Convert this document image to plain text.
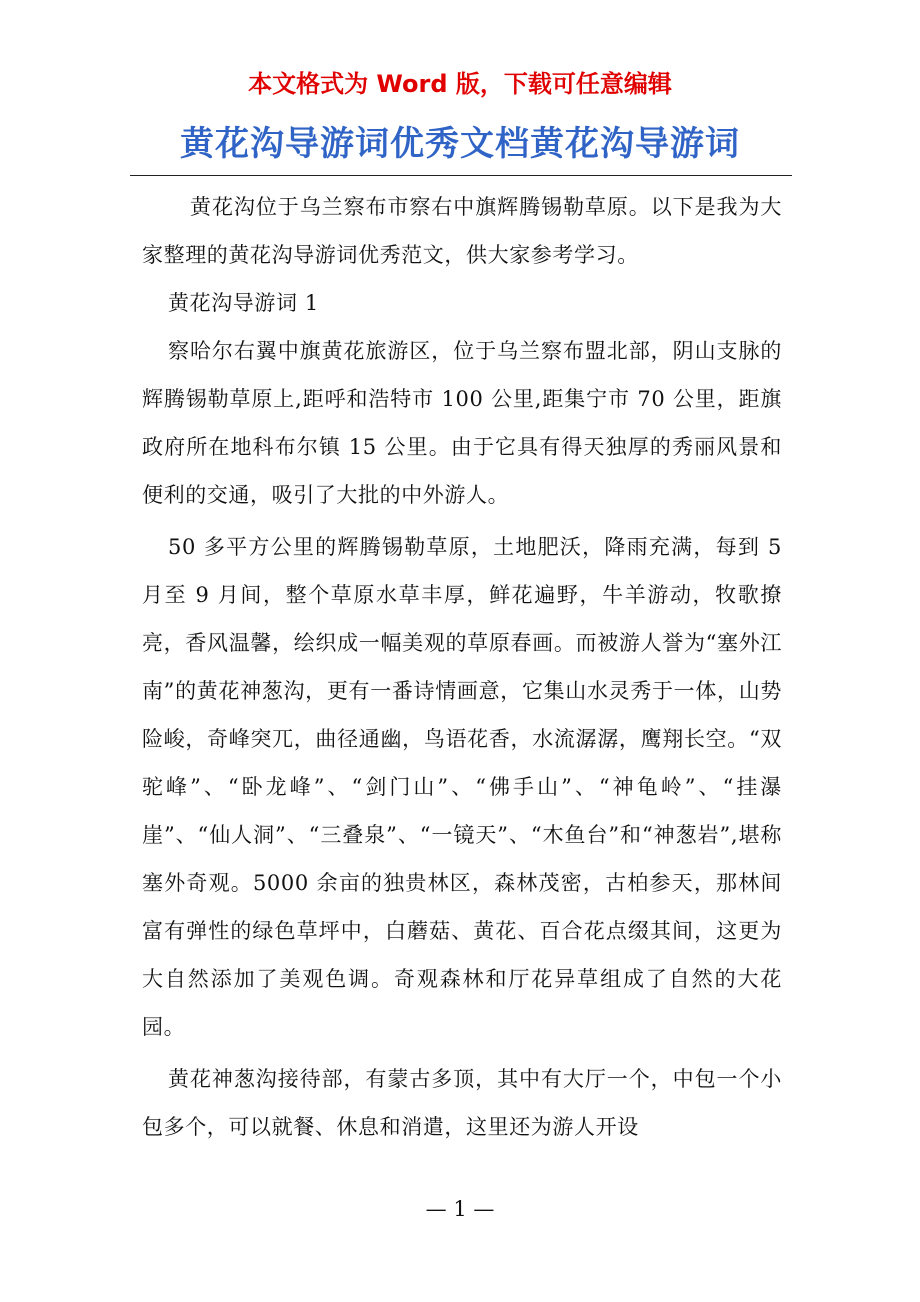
本文格式为 Word 版，下载可任意编辑
黄花沟导游词优秀文档黄花沟导游词

黄花沟位于乌兰察布市察右中旗辉腾锡勒草原。以下是我为大家整理的黄花沟导游词优秀范文，供大家参考学习。

黄花沟导游词 1

察哈尔右翼中旗黄花旅游区，位于乌兰察布盟北部，阴山支脉的辉腾锡勒草原上,距呼和浩特市 100 公里,距集宁市 70 公里，距旗政府所在地科布尔镇 15 公里。由于它具有得天独厚的秀丽风景和便利的交通，吸引了大批的中外游人。

50 多平方公里的辉腾锡勒草原，土地肥沃，降雨充满，每到 5 月至 9 月间，整个草原水草丰厚，鲜花遍野，牛羊游动，牧歌撩亮，香风温馨，绘织成一幅美观的草原春画。而被游人誉为“塞外江南”的黄花神葱沟，更有一番诗情画意，它集山水灵秀于一体，山势险峻，奇峰突兀，曲径通幽，鸟语花香，水流潺潺，鹰翔长空。“双驼峰”、“卧龙峰”、“剑门山”、“佛手山”、“神龟岭”、“挂瀑崖”、“仙人洞”、“三叠泉”、“一镜天”、“木鱼台”和“神葱岩”,堪称塞外奇观。5000 余亩的独贵林区，森林茂密，古柏参天，那林间富有弹性的绿色草坪中，白蘑菇、黄花、百合花点缀其间，这更为大自然添加了美观色调。奇观森林和厅花异草组成了自然的大花园。

黄花神葱沟接待部，有蒙古多顶，其中有大厅一个，中包一个小包多个，可以就餐、休息和消遣，这里还为游人开设

— 1 —
